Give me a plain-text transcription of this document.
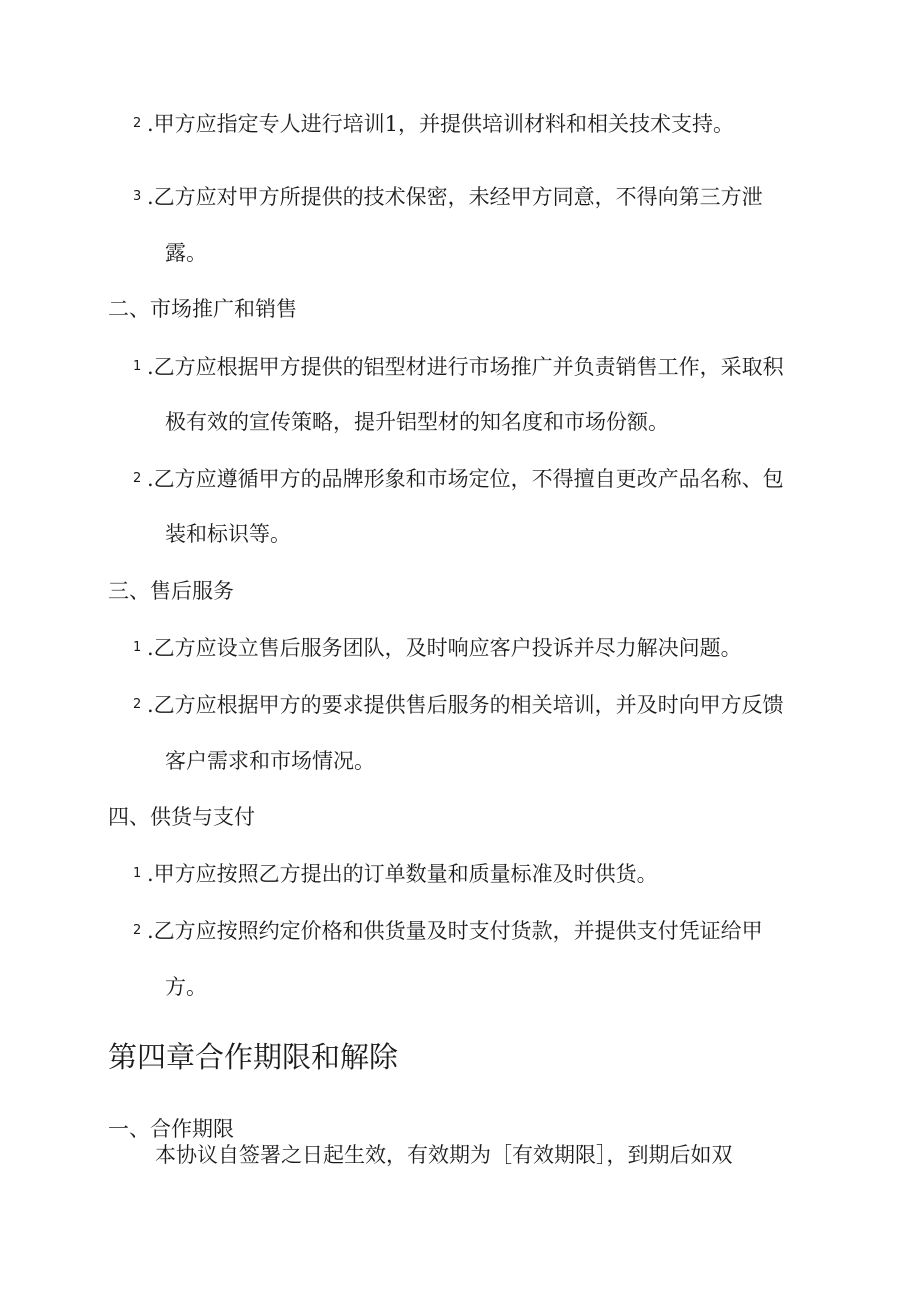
2 .甲方应指定专人进行培训1，并提供培训材料和相关技术支持。
3 .乙方应对甲方所提供的技术保密，未经甲方同意，不得向第三方泄
露。
二、市场推广和销售
1 .乙方应根据甲方提供的铝型材进行市场推广并负责销售工作，采取积
极有效的宣传策略，提升铝型材的知名度和市场份额。
2 .乙方应遵循甲方的品牌形象和市场定位，不得擅自更改产品名称、包
装和标识等。
三、售后服务
1 .乙方应设立售后服务团队，及时响应客户投诉并尽力解决问题。
2 .乙方应根据甲方的要求提供售后服务的相关培训，并及时向甲方反馈
客户需求和市场情况。
四、供货与支付
1 .甲方应按照乙方提出的订单数量和质量标准及时供货。
2 .乙方应按照约定价格和供货量及时支付货款，并提供支付凭证给甲
方。
第四章合作期限和解除
一、合作期限
本协议自签署之日起生效，有效期为［有效期限］，到期后如双
